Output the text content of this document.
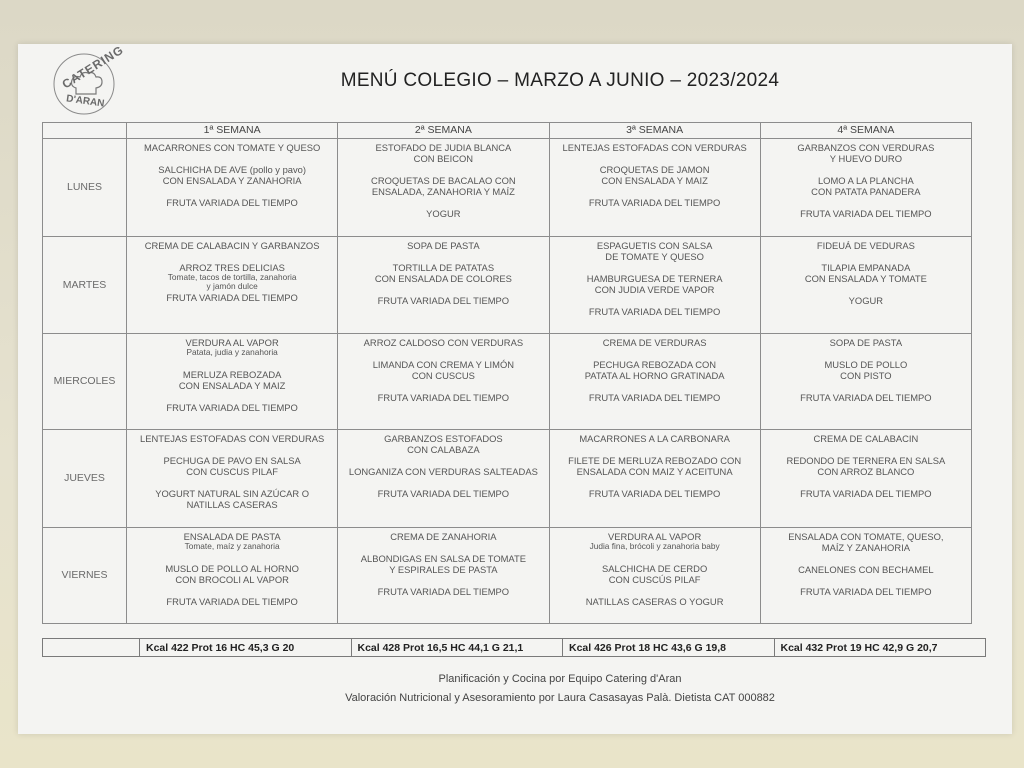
CATERING
D'ARAN
MENÚ COLEGIO – MARZO A JUNIO – 2023/2024
	1ª SEMANA	2ª SEMANA	3ª SEMANA	4ª SEMANA
LUNES	MACARRONES CON TOMATE Y QUESO
SALCHICHA DE AVE (pollo y pavo)
CON ENSALADA Y ZANAHORIA
FRUTA VARIADA DEL TIEMPO	ESTOFADO DE JUDIA BLANCA
CON BEICON
CROQUETAS DE BACALAO CON
ENSALADA, ZANAHORIA Y MAÍZ
YOGUR	LENTEJAS ESTOFADAS CON VERDURAS
CROQUETAS DE JAMON
CON ENSALADA Y MAIZ
FRUTA VARIADA DEL TIEMPO	GARBANZOS CON VERDURAS
Y HUEVO DURO
LOMO A LA PLANCHA
CON PATATA PANADERA
FRUTA VARIADA DEL TIEMPO

MARTES	CREMA DE CALABACIN Y GARBANZOS
ARROZ TRES DELICIAS
Tomate, tacos de tortilla, zanahoria
y jamón dulce
FRUTA VARIADA DEL TIEMPO	SOPA DE PASTA
TORTILLA DE PATATAS
CON ENSALADA DE COLORES
FRUTA VARIADA DEL TIEMPO	ESPAGUETIS CON SALSA
DE TOMATE Y QUESO
HAMBURGUESA DE TERNERA
CON JUDIA VERDE VAPOR
FRUTA VARIADA DEL TIEMPO	FIDEUÁ DE VEDURAS
TILAPIA EMPANADA
CON ENSALADA Y TOMATE
YOGUR

MIERCOLES	VERDURA AL VAPOR
Patata, judia y zanahoria
MERLUZA REBOZADA
CON ENSALADA Y MAIZ
FRUTA VARIADA DEL TIEMPO	ARROZ CALDOSO CON VERDURAS
LIMANDA CON CREMA Y LIMÓN
CON CUSCUS
FRUTA VARIADA DEL TIEMPO	CREMA DE VERDURAS
PECHUGA REBOZADA CON
PATATA AL HORNO GRATINADA
FRUTA VARIADA DEL TIEMPO	SOPA DE PASTA
MUSLO DE POLLO
CON PISTO
FRUTA VARIADA DEL TIEMPO

JUEVES	LENTEJAS ESTOFADAS CON VERDURAS
PECHUGA DE PAVO EN SALSA
CON CUSCUS PILAF
YOGURT NATURAL SIN AZÚCAR O
NATILLAS CASERAS	GARBANZOS ESTOFADOS
CON CALABAZA
LONGANIZA CON VERDURAS SALTEADAS
FRUTA VARIADA DEL TIEMPO	MACARRONES A LA CARBONARA
FILETE DE MERLUZA REBOZADO CON
ENSALADA CON MAIZ Y ACEITUNA
FRUTA VARIADA DEL TIEMPO	CREMA DE CALABACIN
REDONDO DE TERNERA EN SALSA
CON ARROZ BLANCO
FRUTA VARIADA DEL TIEMPO

VIERNES	ENSALADA DE PASTA
Tomate, maíz y zanahoria
MUSLO DE POLLO AL HORNO
CON BROCOLI AL VAPOR
FRUTA VARIADA DEL TIEMPO	CREMA DE ZANAHORIA
ALBONDIGAS EN SALSA DE TOMATE
Y ESPIRALES DE PASTA
FRUTA VARIADA DEL TIEMPO	VERDURA AL VAPOR
Judia fina, brócoli y zanahoria baby
SALCHICHA DE CERDO
CON CUSCÚS PILAF
NATILLAS CASERAS O YOGUR	ENSALADA CON TOMATE, QUESO,
MAÍZ Y ZANAHORIA
CANELONES CON BECHAMEL
FRUTA VARIADA DEL TIEMPO
	Kcal 422 Prot 16 HC 45,3 G 20	Kcal 428 Prot 16,5 HC 44,1 G 21,1	Kcal 426 Prot 18 HC 43,6 G 19,8	Kcal 432 Prot 19 HC 42,9 G 20,7
Planificación y Cocina por Equipo Catering d'Aran
Valoración Nutricional y Asesoramiento por Laura Casasayas Palà. Dietista CAT 000882
